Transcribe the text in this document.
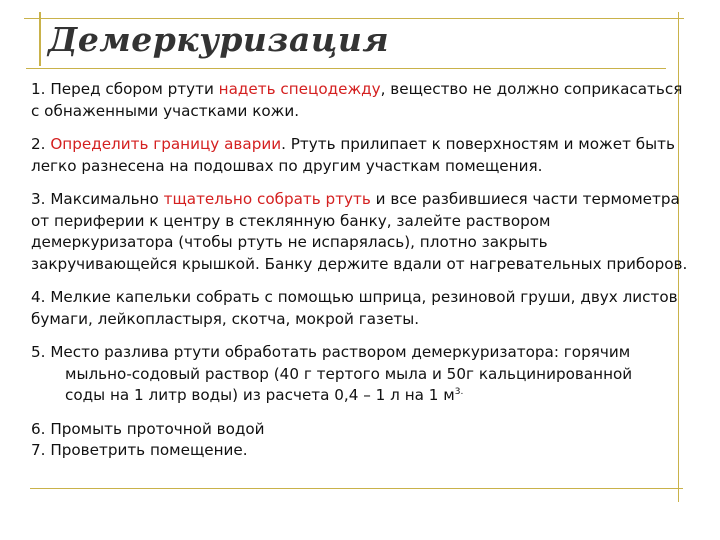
Демеркуризация

1. Перед сбором ртути надеть спецодежду, вещество не должно соприкасаться с обнаженными участками кожи.

2. Определить границу аварии. Ртуть прилипает к поверхностям и может быть легко разнесена на подошвах по другим участкам помещения.

3. Максимально тщательно собрать ртуть и все разбившиеся части термометра от периферии к центру в стеклянную банку, залейте раствором демеркуризатора (чтобы ртуть не испарялась), плотно закрыть закручивающейся крышкой. Банку держите вдали от нагревательных приборов.

4. Мелкие капельки собрать с помощью шприца, резиновой груши, двух листов бумаги, лейкопластыря, скотча, мокрой газеты.

5. Место разлива ртути обработать раствором демеркуризатора: горячим

мыльно-содовый раствор (40 г тертого мыла и 50г кальцинированной
соды на 1 литр воды) из расчета 0,4 – 1 л на 1 $м^{3.}$

6. Промыть проточной водой

7. Проветрить помещение.
